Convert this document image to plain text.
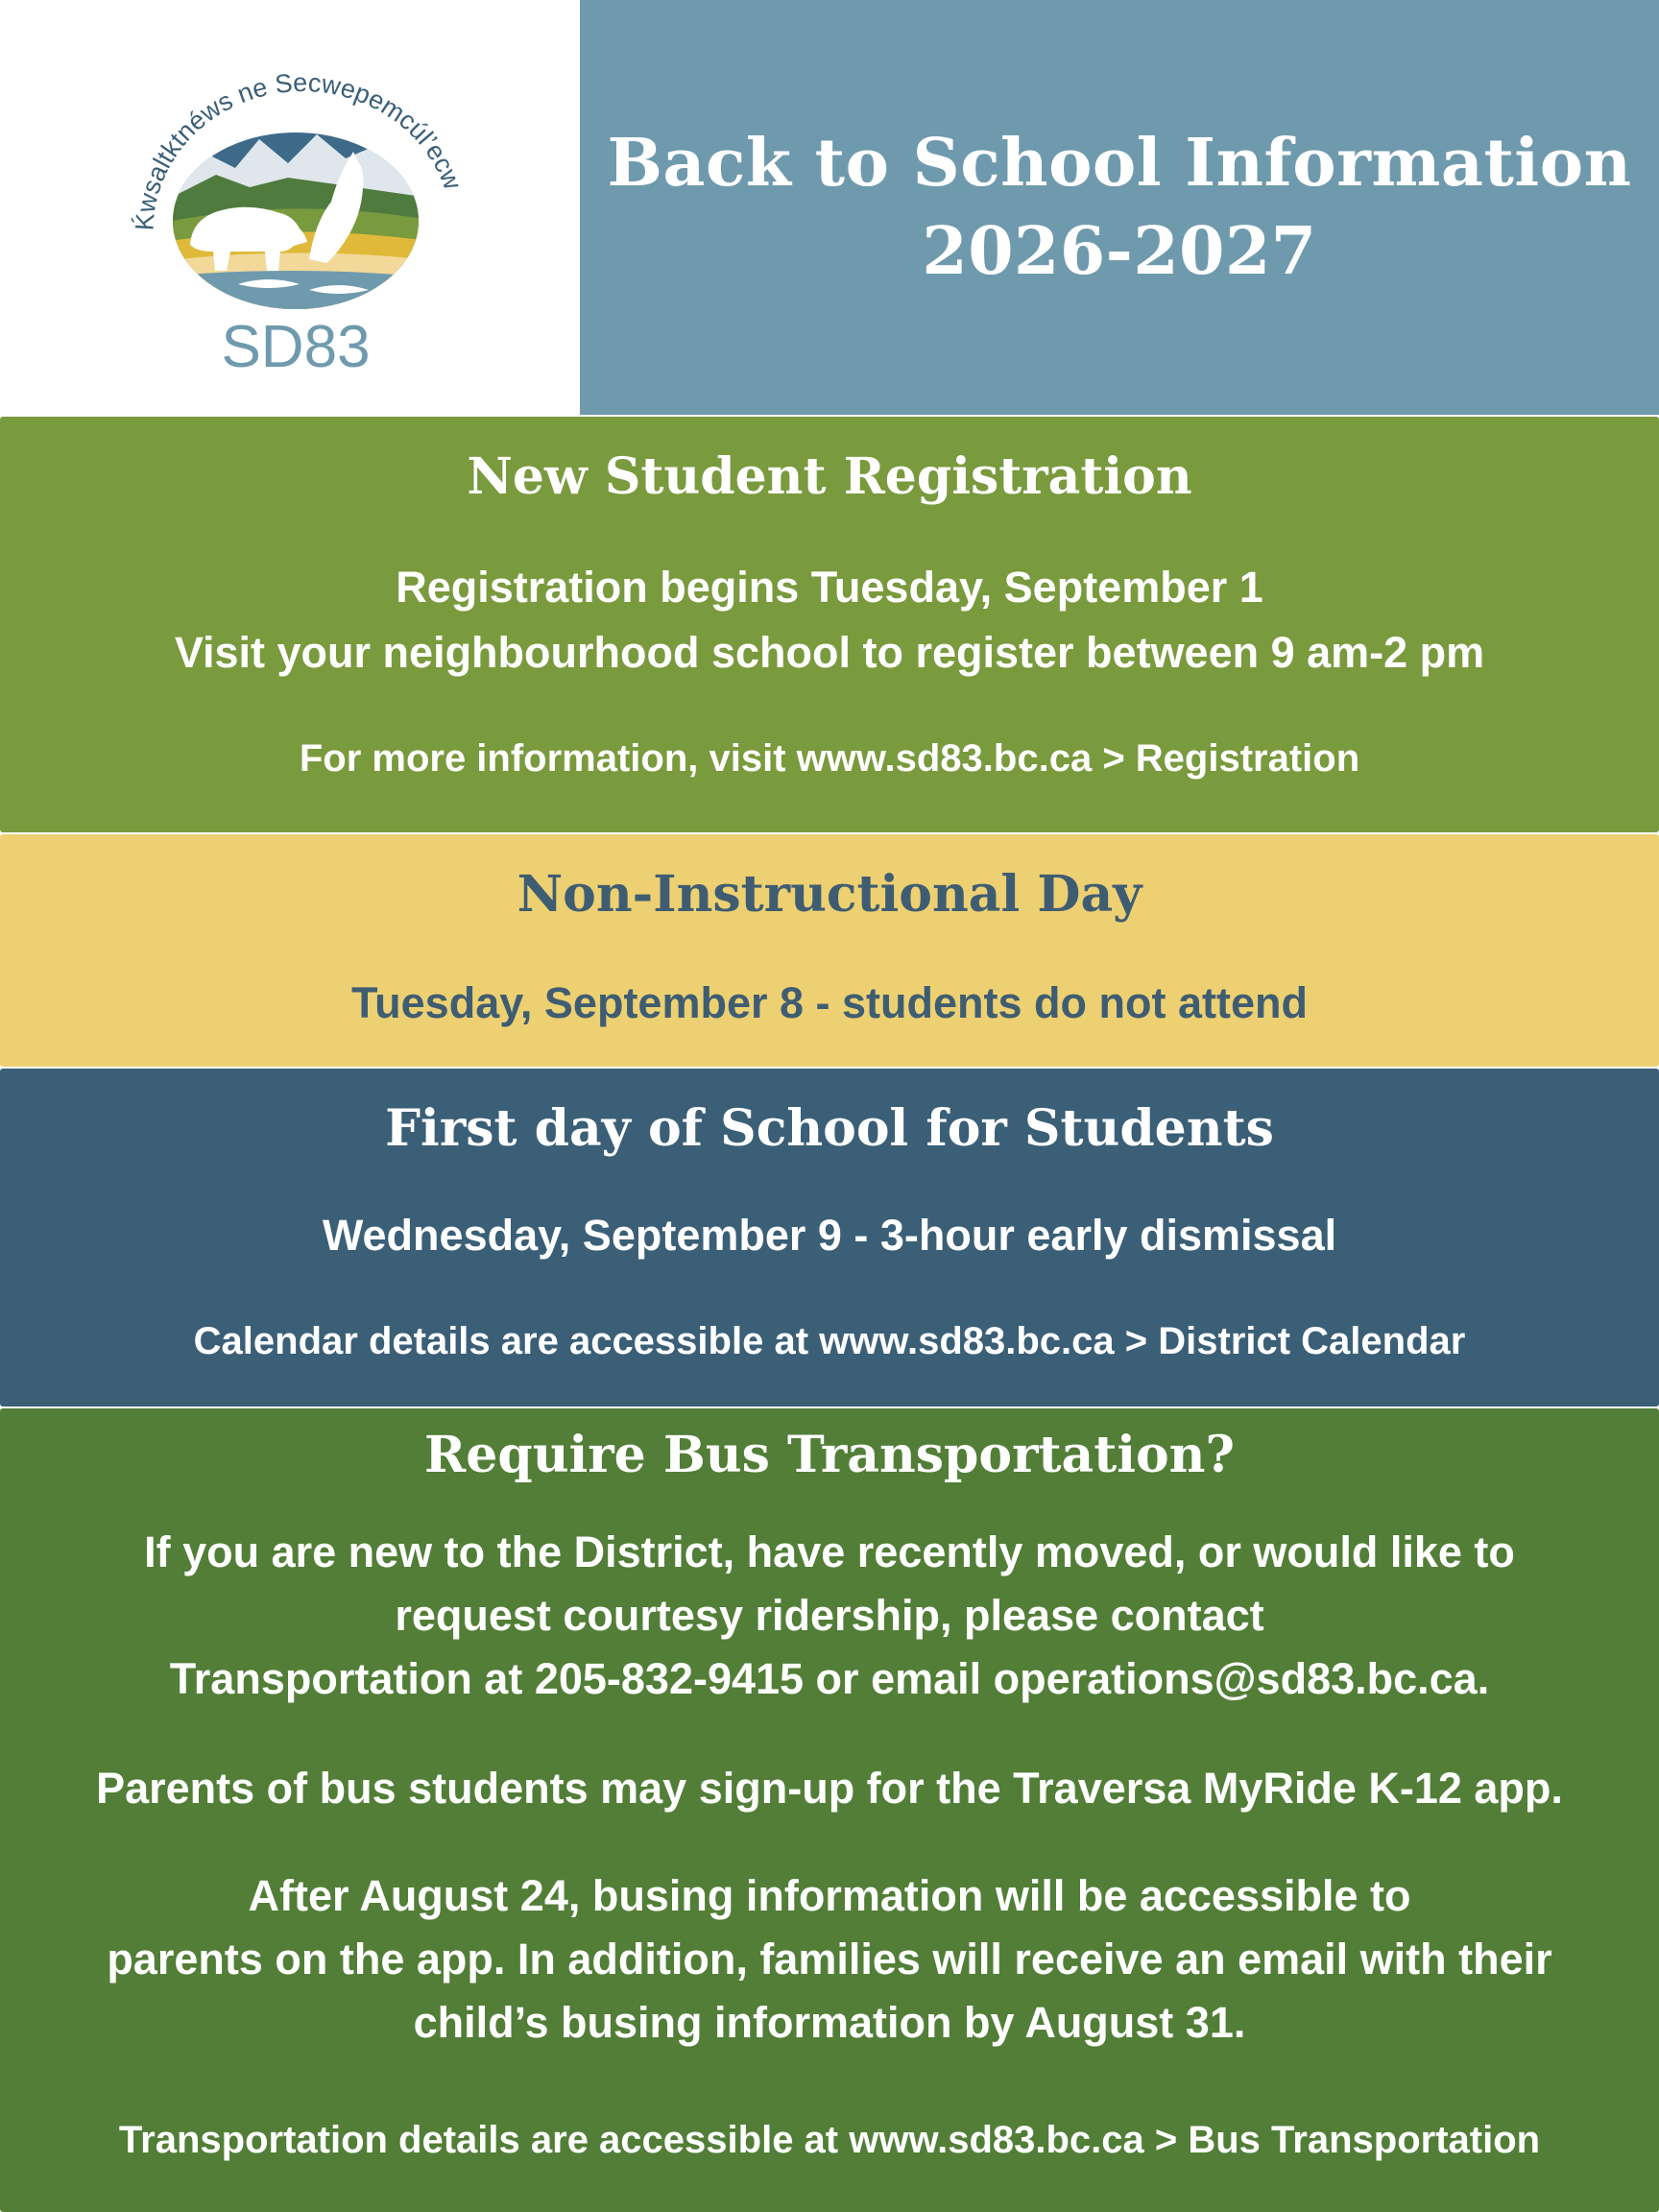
Ḱwsaltktnéws ne Secwepemcúl’ecw
SD83
Back to School Information
2026-2027
New Student Registration
Registration begins Tuesday, September 1
Visit your neighbourhood school to register between 9 am-2 pm
For more information, visit www.sd83.bc.ca > Registration
Non-Instructional Day
Tuesday, September 8 - students do not attend
First day of School for Students
Wednesday, September 9 - 3-hour early dismissal
Calendar details are accessible at www.sd83.bc.ca > District Calendar
Require Bus Transportation?
If you are new to the District, have recently moved, or would like to
request courtesy ridership, please contact
Transportation at 205-832-9415 or email operations@sd83.bc.ca.
Parents of bus students may sign-up for the Traversa MyRide K-12 app.
After August 24, busing information will be accessible to
parents on the app. In addition, families will receive an email with their
child’s busing information by August 31.
Transportation details are accessible at www.sd83.bc.ca > Bus Transportation
